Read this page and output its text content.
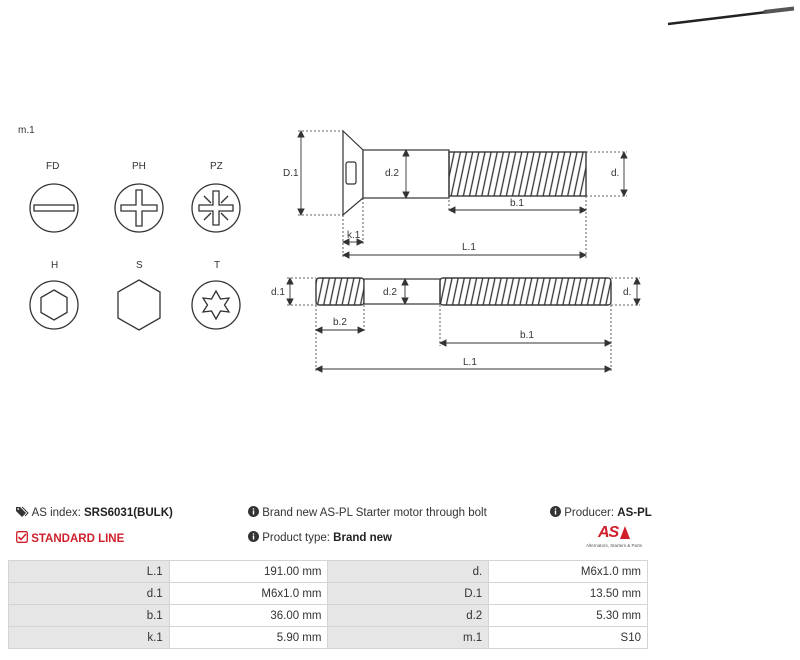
m.1
FD	PH	PZ
H	S	T
D.1	d.2	d.
b.1
k.1
L.1
d.1	d.2	d.
b.2
b.1
L.1
AS index: SRS6031(BULK)
STANDARD LINE
Brand new AS-PL Starter motor through bolt
Product type: Brand new
Producer: AS-PL
AS
Alternators, Starters & Parts
L.1	191.00 mm	d.	M6x1.0 mm
d.1	M6x1.0 mm	D.1	13.50 mm
b.1	36.00 mm	d.2	5.30 mm
k.1	5.90 mm	m.1	S10
